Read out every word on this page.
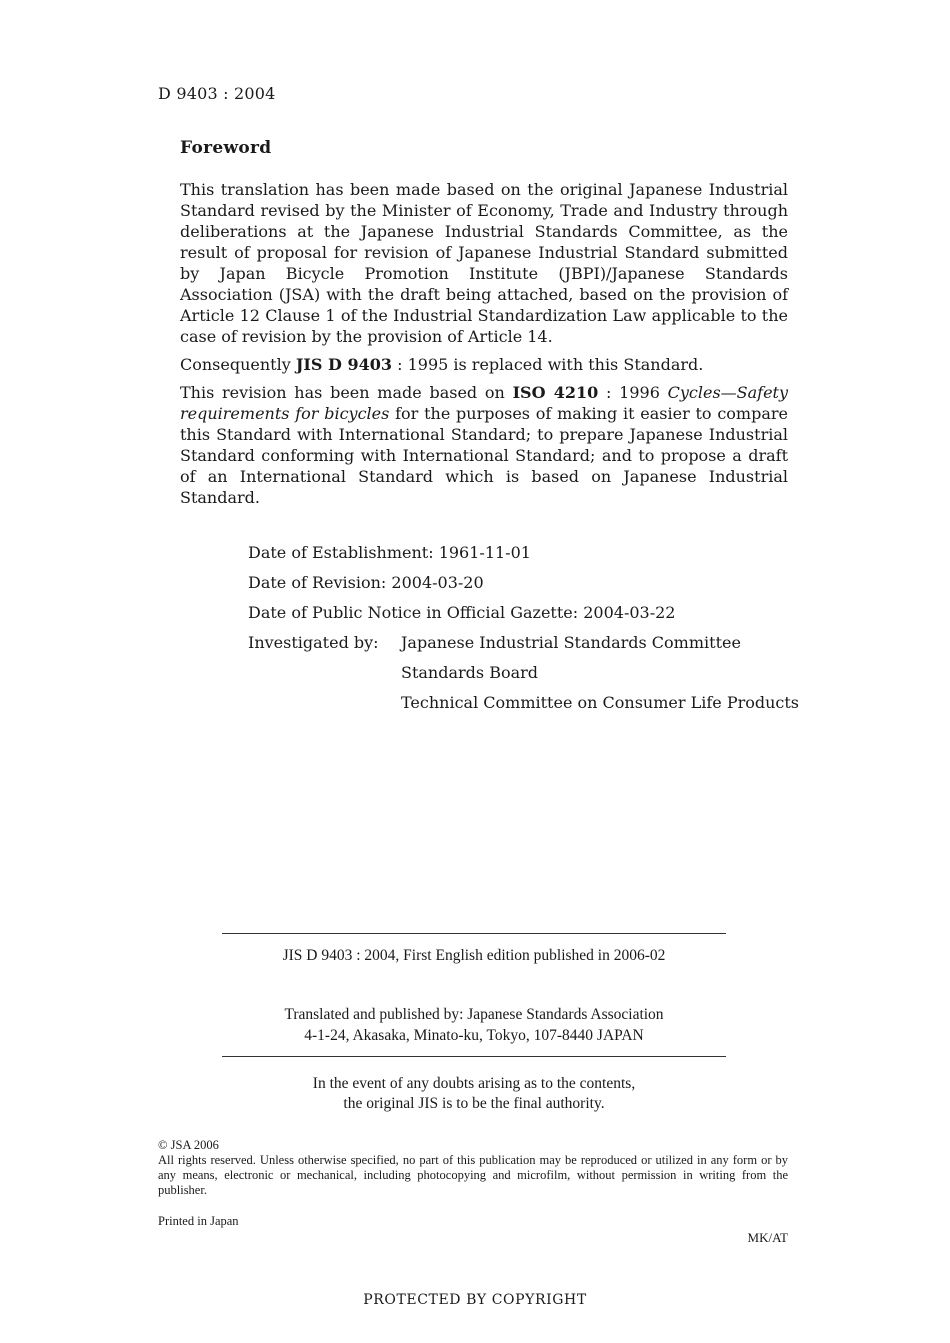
D 9403 : 2004
Foreword

This translation has been made based on the original Japanese Industrial Standard revised by the Minister of Economy, Trade and Industry through deliberations at the Japanese Industrial Standards Committee, as the result of proposal for revision of Japanese Industrial Standard submitted by Japan Bicycle Promotion Institute (JBPI)/Japanese Standards Association (JSA) with the draft being attached, based on the provision of Article 12 Clause 1 of the Industrial Standardization Law applicable to the case of revision by the provision of Article 14.

Consequently JIS D 9403 : 1995 is replaced with this Standard.

This revision has been made based on ISO 4210 : 1996 Cycles—Safety requirements for bicycles for the purposes of making it easier to compare this Standard with International Standard; to prepare Japanese Industrial Standard conforming with International Standard; and to propose a draft of an International Standard which is based on Japanese Industrial Standard.

Date of Establishment: 1961-11-01
Date of Revision: 2004-03-20
Date of Public Notice in Official Gazette: 2004-03-22
Investigated by:	Japanese Industrial Standards Committee
Standards Board
Technical Committee on Consumer Life Products
JIS D 9403 : 2004, First English edition published in 2006-02
Translated and published by: Japanese Standards Association
4-1-24, Akasaka, Minato-ku, Tokyo, 107-8440 JAPAN
In the event of any doubts arising as to the contents,
the original JIS is to be the final authority.
© JSA 2006
All rights reserved. Unless otherwise specified, no part of this publication may be reproduced or utilized in any form or by any means, electronic or mechanical, including photocopying and microfilm, without permission in writing from the publisher.
Printed in Japan
MK/AT
PROTECTED BY COPYRIGHT
